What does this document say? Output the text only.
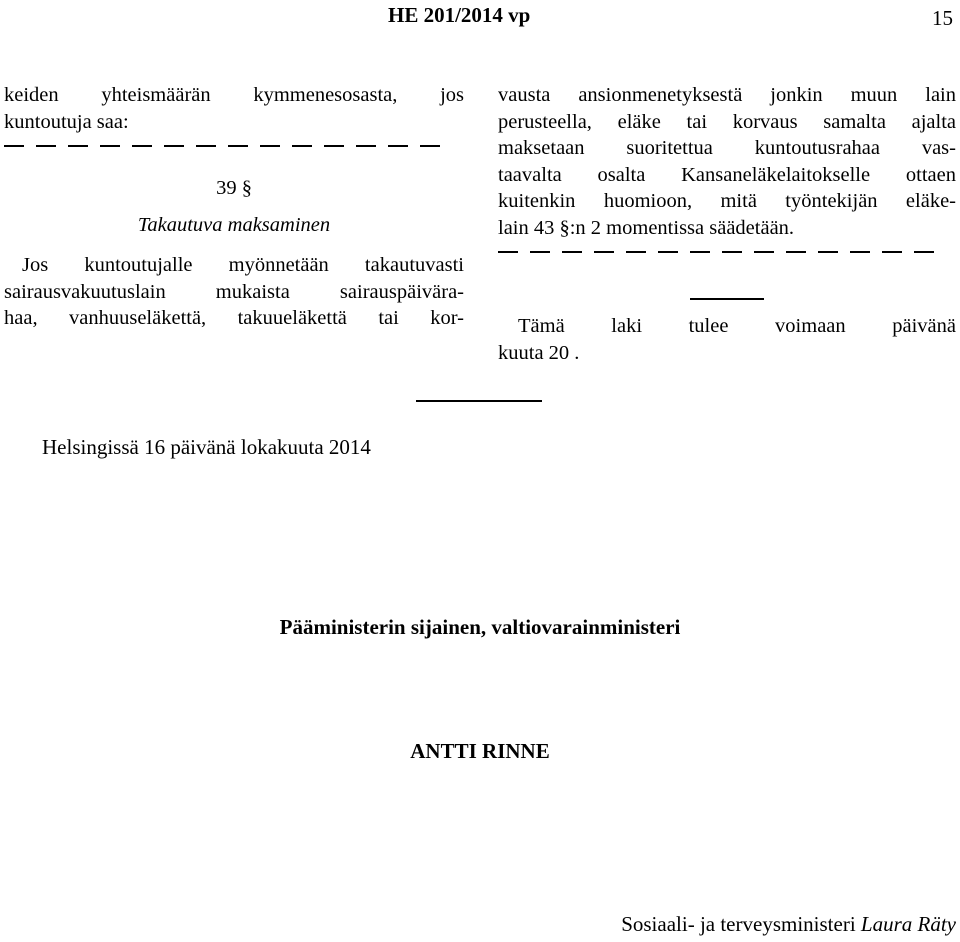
HE 201/2014 vp	15

keiden yhteismäärän kymmenesosasta, jos

kuntoutuja saa:

39 §

Takautuva maksaminen

Jos kuntoutujalle myönnetään takautuvasti

sairausvakuutuslain mukaista sairauspäivära-

haa, vanhuuseläkettä, takuueläkettä tai kor-

vausta ansionmenetyksestä jonkin muun lain

perusteella, eläke tai korvaus samalta ajalta

maksetaan suoritettua kuntoutusrahaa vas-

taavalta osalta Kansaneläkelaitokselle ottaen

kuitenkin huomioon, mitä työntekijän eläke-

lain 43 §:n 2 momentissa säädetään.

Tämä laki tulee voimaan päivänä

kuuta 20 .

Helsingissä 16 päivänä lokakuuta 2014
Pääministerin sijainen, valtiovarainministeri
ANTTI RINNE
Sosiaali- ja terveysministeri Laura Räty
